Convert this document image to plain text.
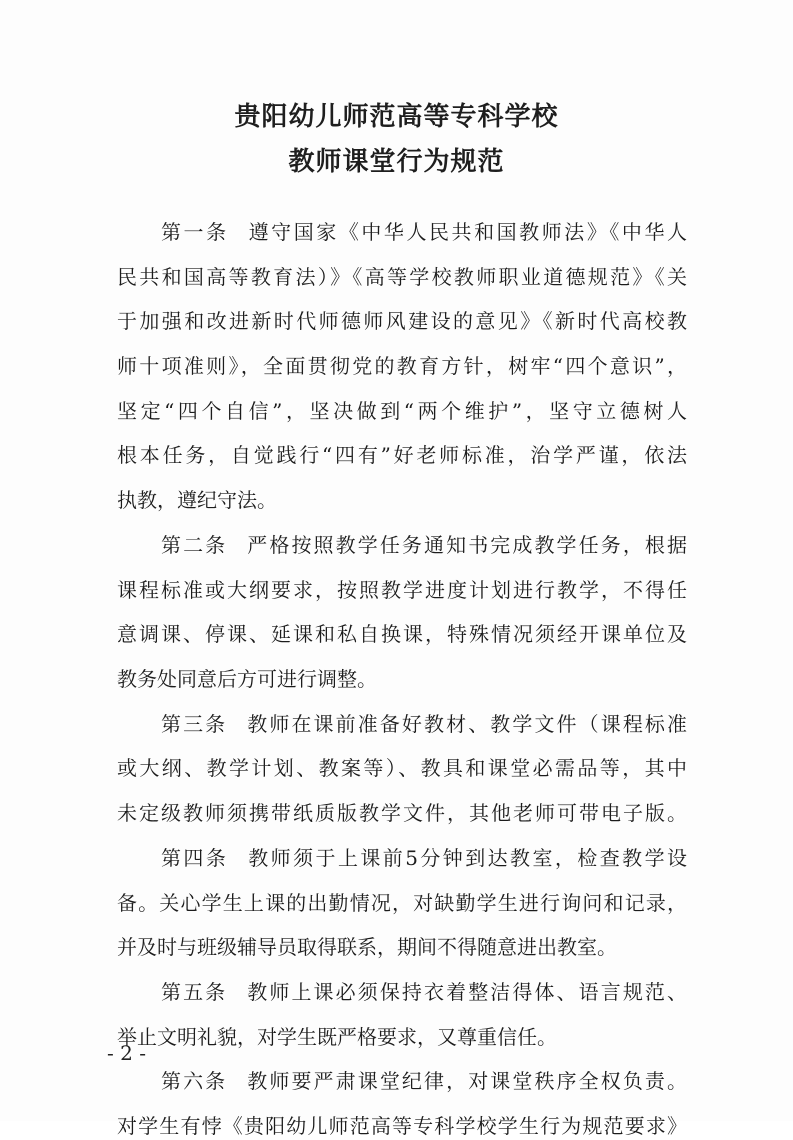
贵阳幼儿师范高等专科学校
教师课堂行为规范
第一条 遵守国家《中华人民共和国教师法》《中华人
民共和国高等教育法）》《高等学校教师职业道德规范》《关
于加强和改进新时代师德师风建设的意见》《新时代高校教
师十项准则》，全面贯彻党的教育方针，树牢“四个意识”，
坚定“四个自信”，坚决做到“两个维护”，坚守立德树人
根本任务，自觉践行“四有”好老师标准，治学严谨，依法
执教，遵纪守法。
第二条 严格按照教学任务通知书完成教学任务，根据
课程标准或大纲要求，按照教学进度计划进行教学，不得任
意调课、停课、延课和私自换课，特殊情况须经开课单位及
教务处同意后方可进行调整。
第三条 教师在课前准备好教材、教学文件（课程标准
或大纲、教学计划、教案等）、教具和课堂必需品等，其中
未定级教师须携带纸质版教学文件，其他老师可带电子版。
第四条 教师须于上课前5分钟到达教室，检查教学设
备。关心学生上课的出勤情况，对缺勤学生进行询问和记录，
并及时与班级辅导员取得联系，期间不得随意进出教室。
第五条 教师上课必须保持衣着整洁得体、语言规范、
举止文明礼貌，对学生既严格要求，又尊重信任。
- 2 -
第六条 教师要严肃课堂纪律，对课堂秩序全权负责。
对学生有悖《贵阳幼儿师范高等专科学校学生行为规范要求》
